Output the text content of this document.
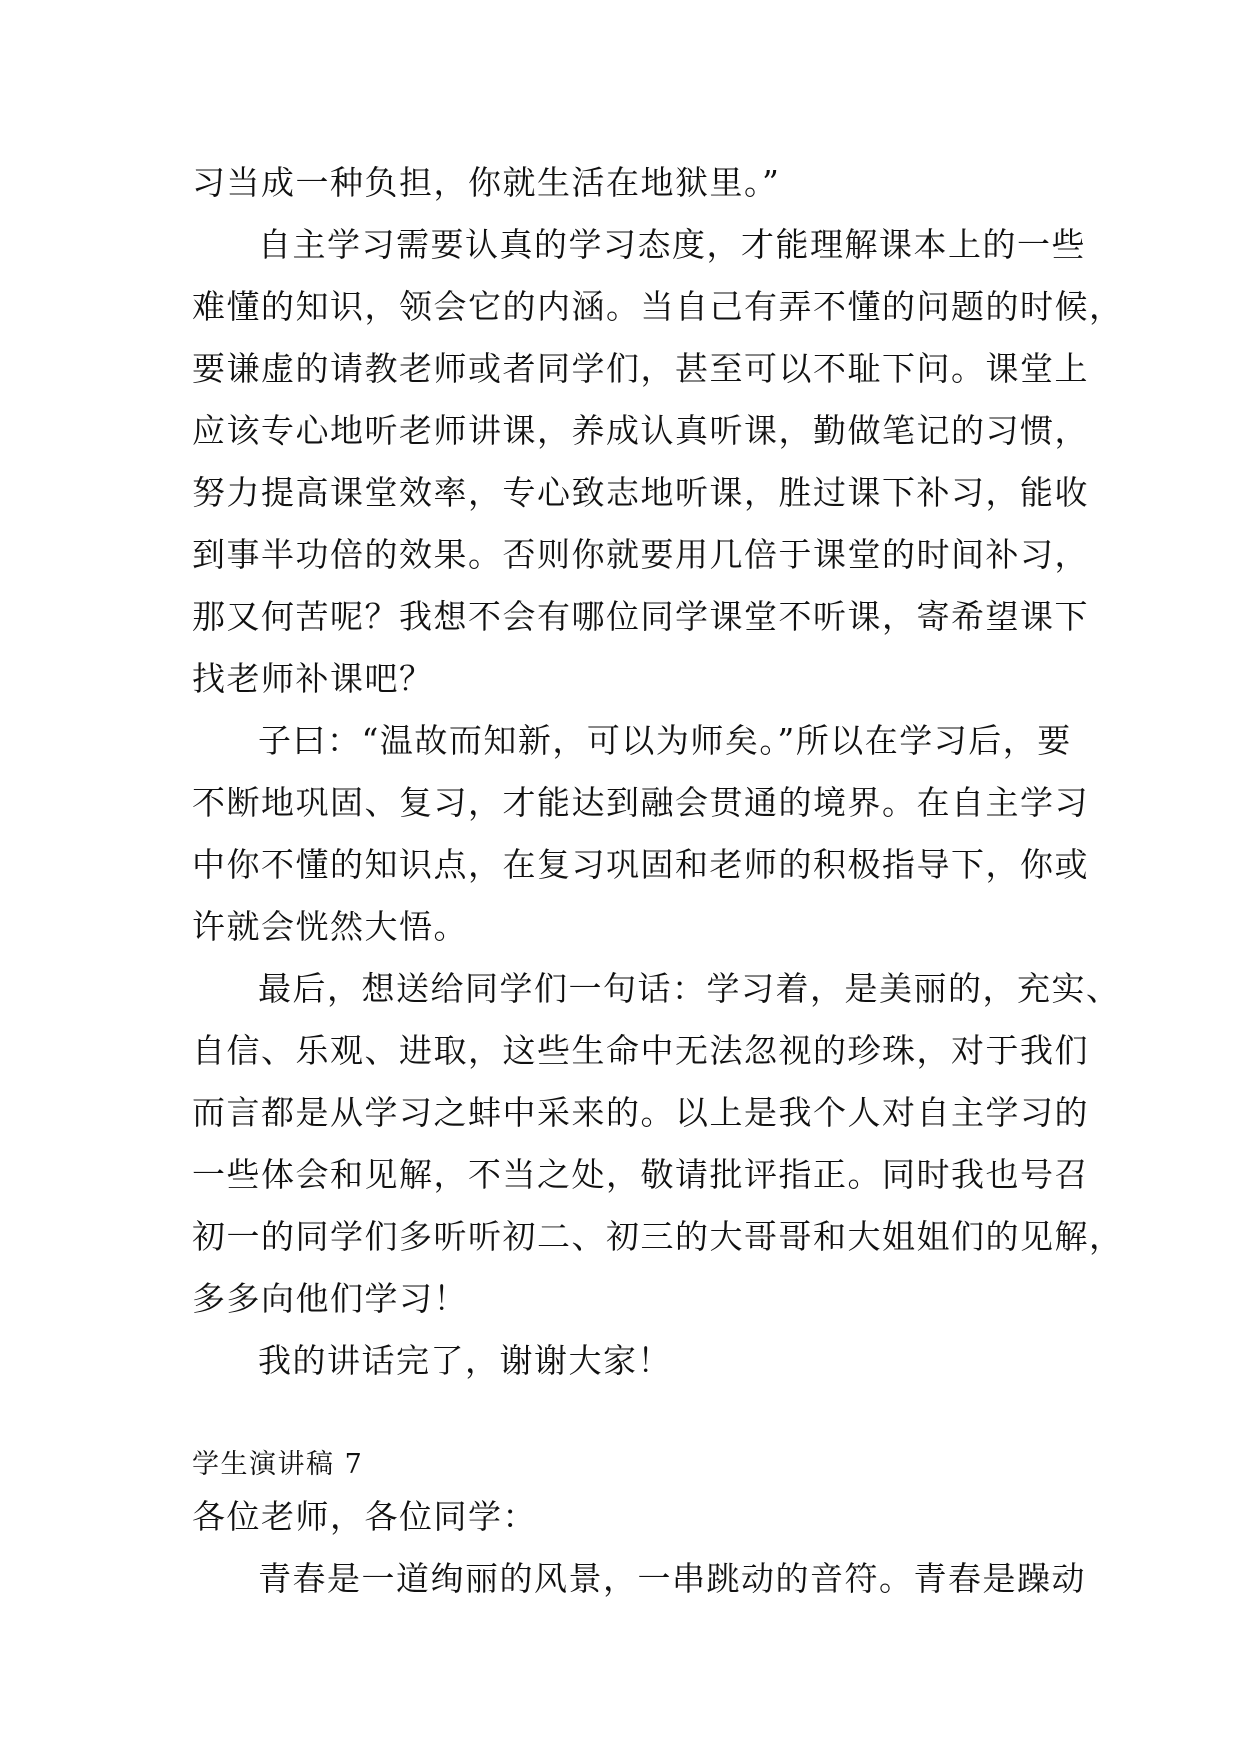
习当成一种负担，你就生活在地狱里。”

自主学习需要认真的学习态度，才能理解课本上的一些

难懂的知识，领会它的内涵。当自己有弄不懂的问题的时候，

要谦虚的请教老师或者同学们，甚至可以不耻下问。课堂上

应该专心地听老师讲课，养成认真听课，勤做笔记的习惯，

努力提高课堂效率，专心致志地听课，胜过课下补习，能收

到事半功倍的效果。否则你就要用几倍于课堂的时间补习，

那又何苦呢？我想不会有哪位同学课堂不听课，寄希望课下

找老师补课吧？

子曰：“温故而知新，可以为师矣。”所以在学习后，要

不断地巩固、复习，才能达到融会贯通的境界。在自主学习

中你不懂的知识点，在复习巩固和老师的积极指导下，你或

许就会恍然大悟。

最后，想送给同学们一句话：学习着，是美丽的，充实、

自信、乐观、进取，这些生命中无法忽视的珍珠，对于我们

而言都是从学习之蚌中采来的。以上是我个人对自主学习的

一些体会和见解，不当之处，敬请批评指正。同时我也号召

初一的同学们多听听初二、初三的大哥哥和大姐姐们的见解，

多多向他们学习！

我的讲话完了，谢谢大家！

学生演讲稿 7

各位老师，各位同学：

青春是一道绚丽的风景，一串跳动的音符。青春是躁动
